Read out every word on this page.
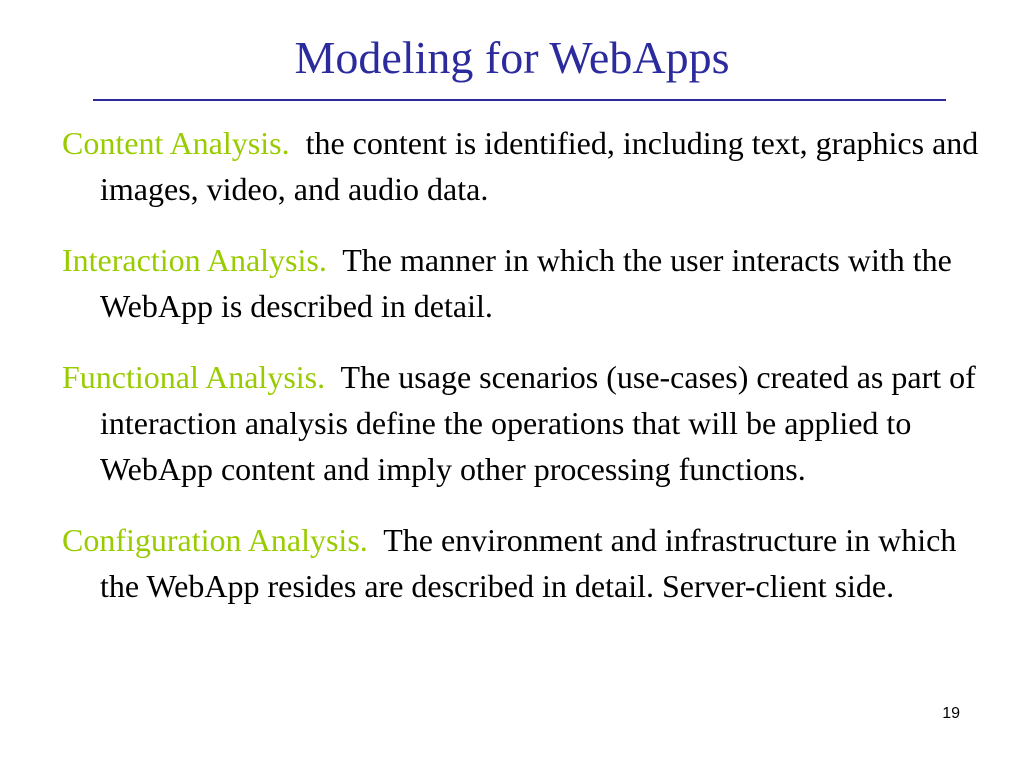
Modeling for WebApps

Content Analysis. the content is identified, including text, graphics and images, video, and audio data.

Interaction Analysis. The manner in which the user interacts with the WebApp is described in detail.

Functional Analysis. The usage scenarios (use-cases) created as part of interaction analysis define the operations that will be applied to WebApp content and imply other processing functions.

Configuration Analysis. The environment and infrastructure in which the WebApp resides are described in detail. Server-client side.

19
